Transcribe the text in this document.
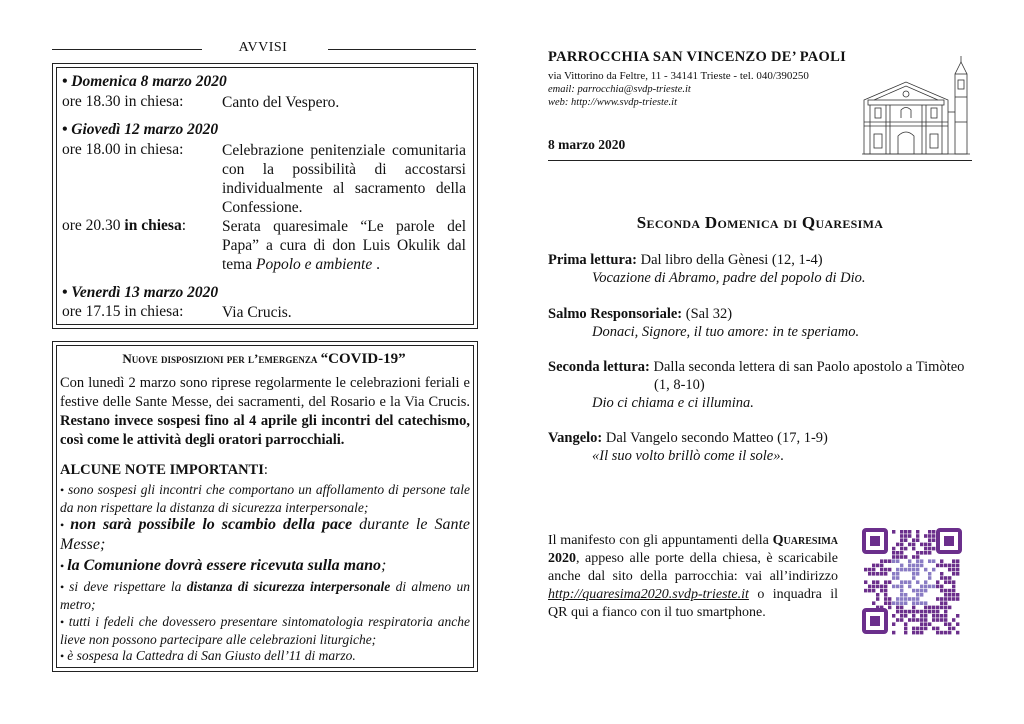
AVVISI
• Domenica 8 marzo 2020
ore 18.30 in chiesa: Canto del Vespero.
• Giovedì 12 marzo 2020
ore 18.00 in chiesa: Celebrazione penitenziale comunitaria con la possibilità di accostarsi individualmente al sacramento della Confessione.
ore 20.30 in chiesa: Serata quaresimale “Le parole del Papa” a cura di don Luis Okulik dal tema Popolo e ambiente .
• Venerdì 13 marzo 2020
ore 17.15 in chiesa: Via Crucis.
Nuove disposizioni per l’emergenza “COVID-19”
Con lunedì 2 marzo sono riprese regolarmente le celebrazioni feriali e festive delle Sante Messe, dei sacramenti, del Rosario e la Via Crucis. Restano invece sospesi fino al 4 aprile gli incontri del catechismo, così come le attività degli oratori parrocchiali.
ALCUNE NOTE IMPORTANTI:
• sono sospesi gli incontri che comportano un affollamento di persone tale da non rispettare la distanza di sicurezza interpersonale;
• non sarà possibile lo scambio della pace durante le Sante Messe;
• la Comunione dovrà essere ricevuta sulla mano;
• si deve rispettare la distanza di sicurezza interpersonale di almeno un metro;
• tutti i fedeli che dovessero presentare sintomatologia respiratoria anche lieve non possono partecipare alle celebrazioni liturgiche;
• è sospesa la Cattedra di San Giusto dell’11 di marzo.
PARROCCHIA SAN VINCENZO DE’ PAOLI
via Vittorino da Feltre, 11 - 34141 Trieste - tel. 040/390250
email: parrocchia@svdp-trieste.it
web: http://www.svdp-trieste.it
8 marzo 2020
Seconda Domenica di Quaresima
Prima lettura: Dal libro della Gènesi (12, 1-4)
Vocazione di Abramo, padre del popolo di Dio.
Salmo Responsoriale: (Sal 32)
Donaci, Signore, il tuo amore: in te speriamo.
Seconda lettura: Dalla seconda lettera di san Paolo apostolo a Timòteo
(1, 8-10)
Dio ci chiama e ci illumina.
Vangelo: Dal Vangelo secondo Matteo (17, 1-9)
«Il suo volto brillò come il sole».
Il manifesto con gli appuntamenti della Quaresima 2020, appeso alle porte della chiesa, è scaricabile anche dal sito della parrocchia: vai all’indirizzo http://quaresima2020.svdp-trieste.it o inquadra il QR qui a fianco con il tuo smartphone.
